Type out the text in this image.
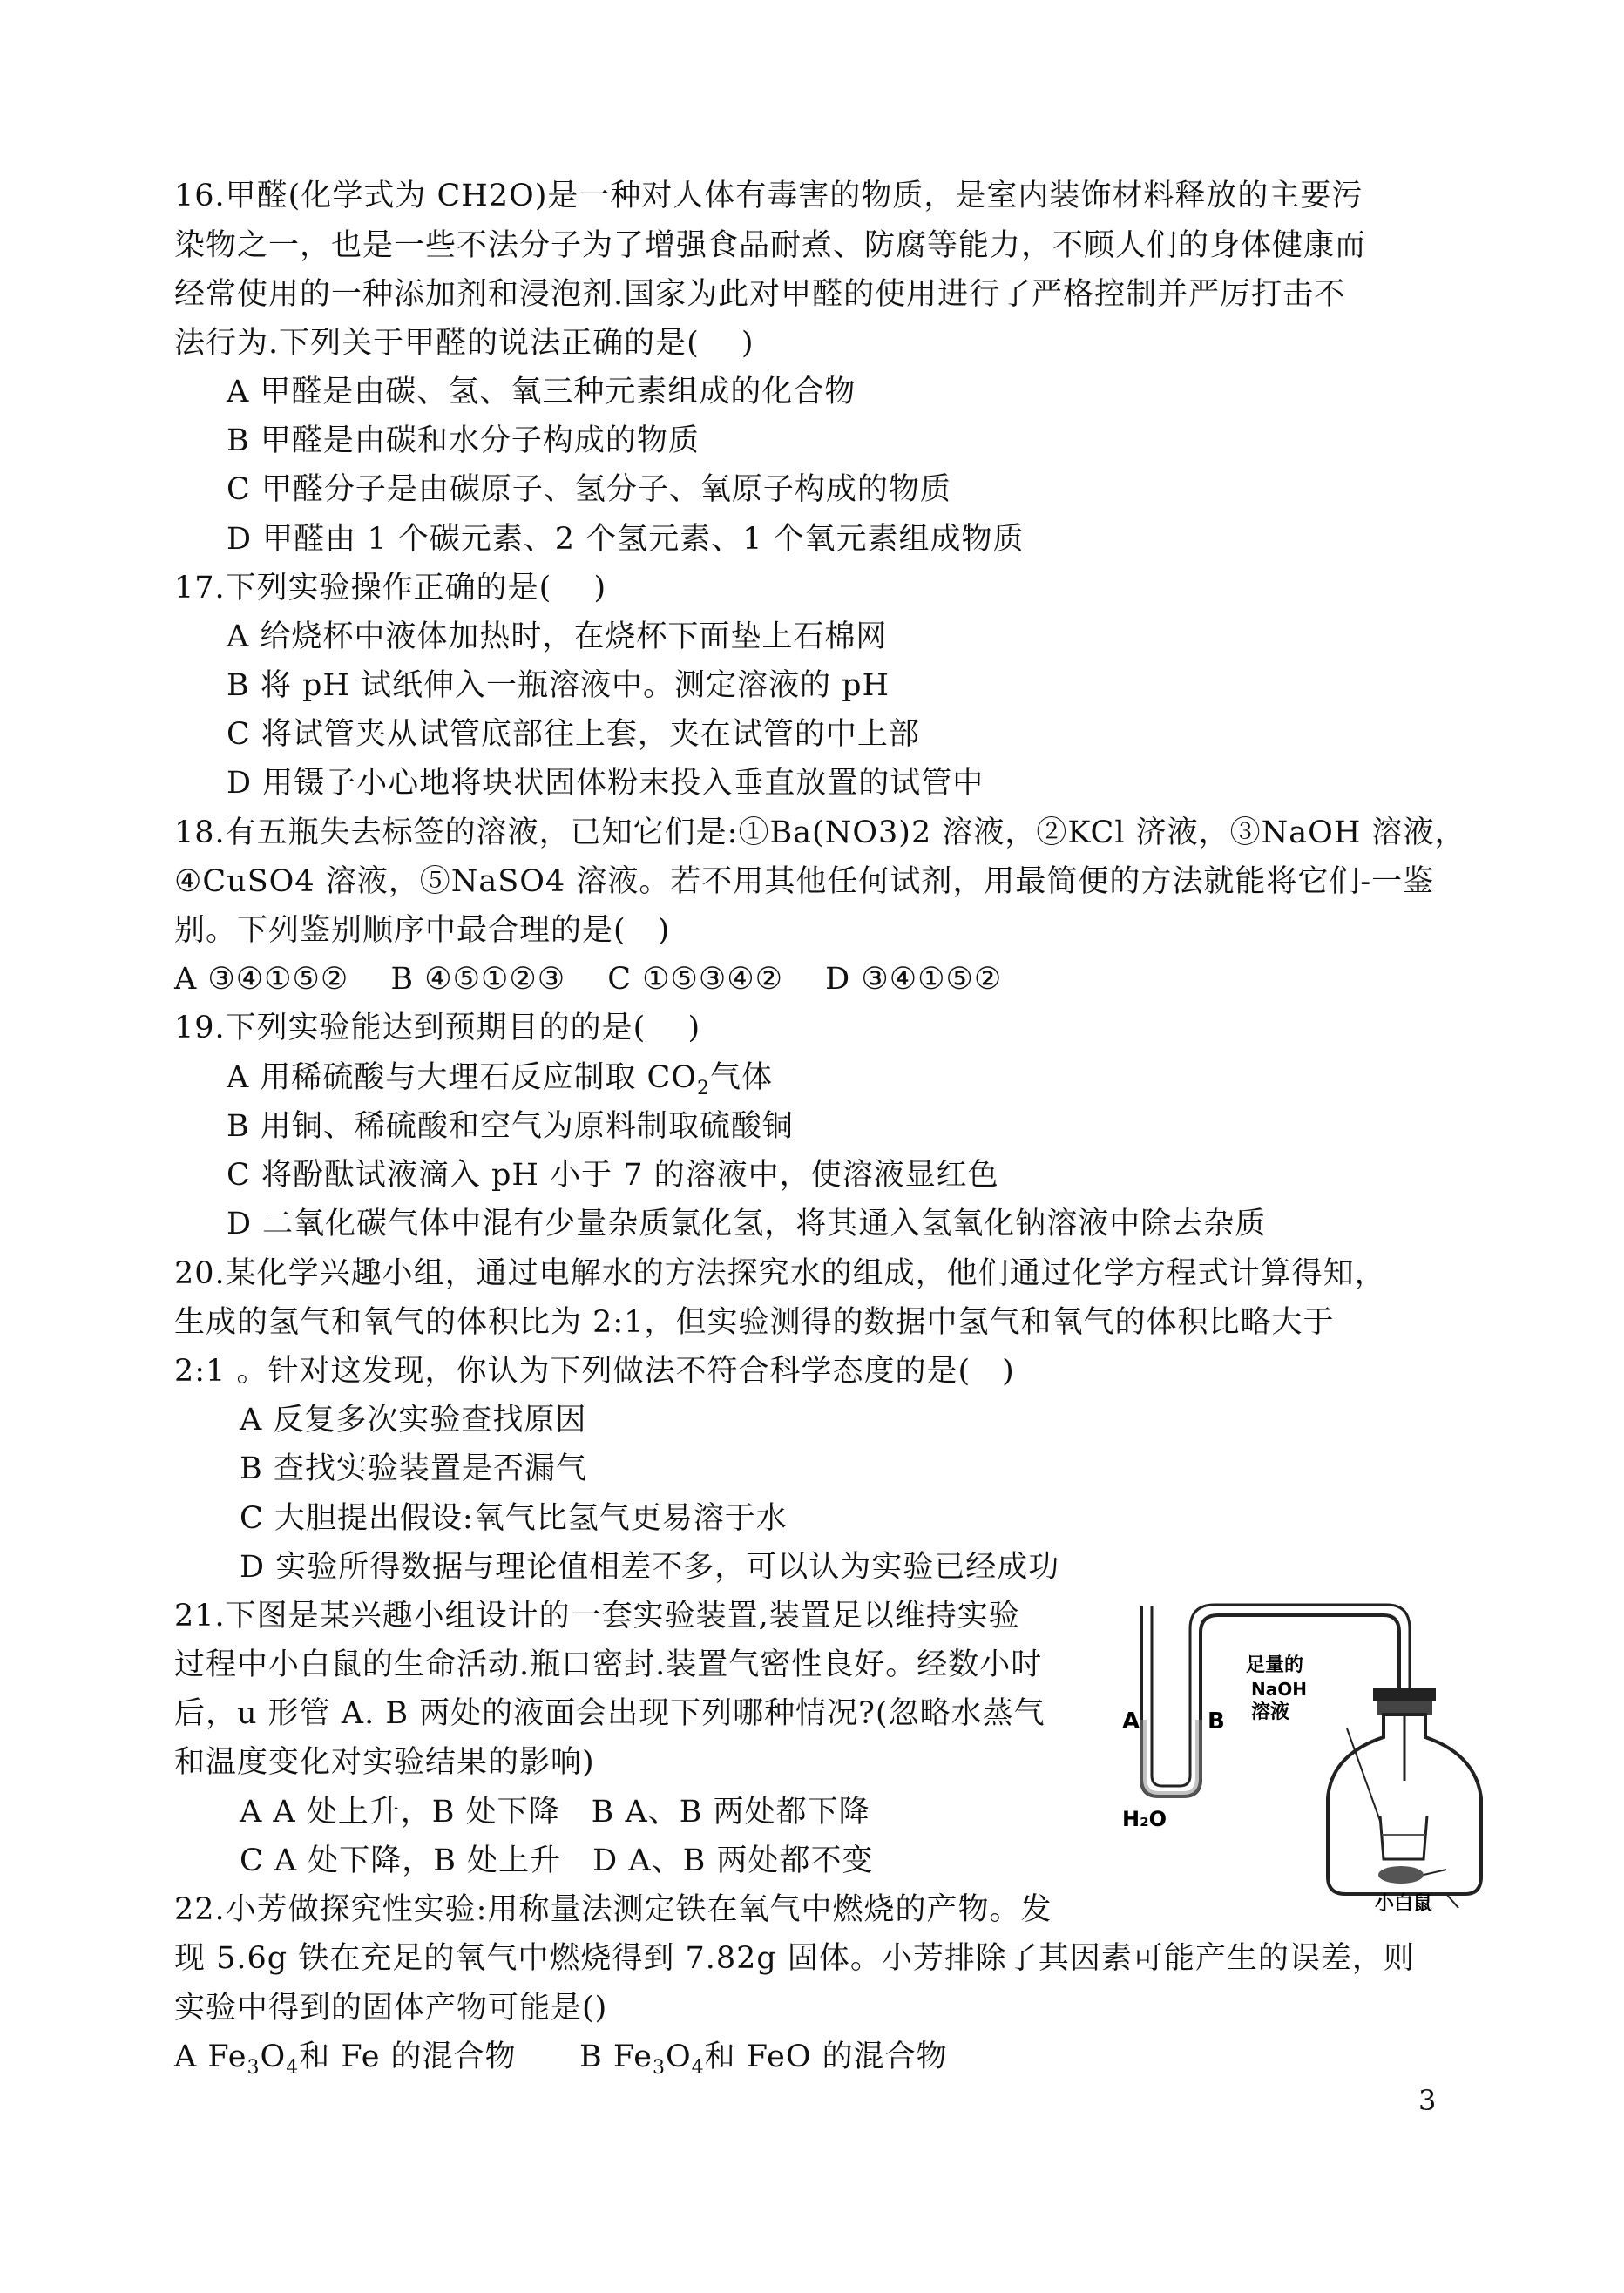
16.甲醛(化学式为 CH2O)是一种对人体有毒害的物质，是室内装饰材料释放的主要污
染物之一，也是一些不法分子为了增强食品耐煮、防腐等能力，不顾人们的身体健康而
经常使用的一种添加剂和浸泡剂.国家为此对甲醛的使用进行了严格控制并严厉打击不
法行为.下列关于甲醛的说法正确的是(　 )
A 甲醛是由碳、氢、氧三种元素组成的化合物
B 甲醛是由碳和水分子构成的物质
C 甲醛分子是由碳原子、氢分子、氧原子构成的物质
D 甲醛由 1 个碳元素、2 个氢元素、1 个氧元素组成物质
17.下列实验操作正确的是(　 )
A 给烧杯中液体加热时，在烧杯下面垫上石棉网
B 将 pH 试纸伸入一瓶溶液中。测定溶液的 pH
C 将试管夹从试管底部往上套，夹在试管的中上部
D 用镊子小心地将块状固体粉末投入垂直放置的试管中
18.有五瓶失去标签的溶液，已知它们是:①Ba(NO3)2 溶液，②KCl 济液，③NaOH 溶液，
④CuSO4 溶液，⑤NaSO4 溶液。若不用其他任何试剂，用最简便的方法就能将它们-一鉴
别。下列鉴别顺序中最合理的是(　)
A ③④①⑤②　 B ④⑤①②③　 C ①⑤③④②　 D ③④①⑤②
19.下列实验能达到预期目的的是(　 )
A 用稀硫酸与大理石反应制取 $CO_2$气体
B 用铜、稀硫酸和空气为原料制取硫酸铜
C 将酚酞试液滴入 pH 小于 7 的溶液中，使溶液显红色
D 二氧化碳气体中混有少量杂质氯化氢，将其通入氢氧化钠溶液中除去杂质
20.某化学兴趣小组，通过电解水的方法探究水的组成，他们通过化学方程式计算得知，
生成的氢气和氧气的体积比为 2:1，但实验测得的数据中氢气和氧气的体积比略大于
2:1 。针对这发现，你认为下列做法不符合科学态度的是(　)
A 反复多次实验查找原因
B 查找实验装置是否漏气
C 大胆提出假设:氧气比氢气更易溶于水
D 实验所得数据与理论值相差不多，可以认为实验已经成功
21.下图是某兴趣小组设计的一套实验装置,装置足以维持实验
过程中小白鼠的生命活动.瓶口密封.装置气密性良好。经数小时
后，u 形管 A. B 两处的液面会出现下列哪种情况?(忽略水蒸气
和温度变化对实验结果的影响)
A A 处上升，B 处下降　B A、B 两处都下降
C A 处下降，B 处上升　D A、B 两处都不变
A	B
足量的
NaOH
溶液
H₂O
小白鼠
22.小芳做探究性实验:用称量法测定铁在氧气中燃烧的产物。发
现 5.6g 铁在充足的氧气中燃烧得到 7.82g 固体。小芳排除了其因素可能产生的误差，则
实验中得到的固体产物可能是()
A $Fe_3O_4$和 Fe 的混合物 B $Fe_3O_4$和 FeO 的混合物
3
